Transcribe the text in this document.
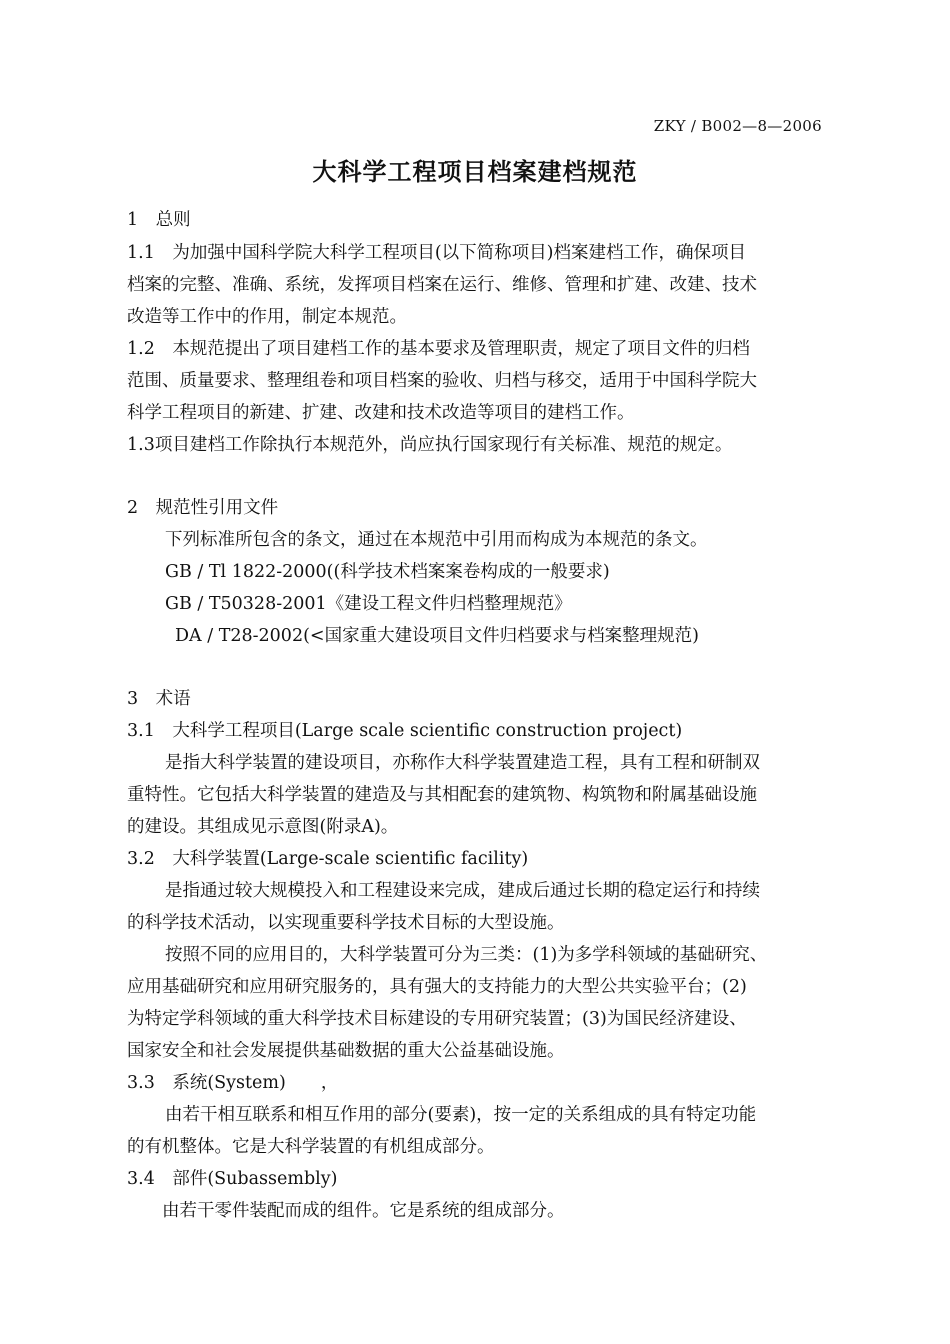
ZKY / B002—8—2006
大科学工程项目档案建档规范
1　总则
1.1　为加强中国科学院大科学工程项目(以下简称项目)档案建档工作，确保项目
档案的完整、准确、系统，发挥项目档案在运行、维修、管理和扩建、改建、技术
改造等工作中的作用，制定本规范。
1.2　本规范提出了项目建档工作的基本要求及管理职责，规定了项目文件的归档
范围、质量要求、整理组卷和项目档案的验收、归档与移交，适用于中国科学院大
科学工程项目的新建、扩建、改建和技术改造等项目的建档工作。
1.3项目建档工作除执行本规范外，尚应执行国家现行有关标准、规范的规定。
2　规范性引用文件
下列标准所包含的条文，通过在本规范中引用而构成为本规范的条文。
GB / Tl 1822-2000((科学技术档案案卷构成的一般要求)
GB / T50328-2001《建设工程文件归档整理规范》
DA / T28-2002(<国家重大建设项目文件归档要求与档案整理规范)
3　术语
3.1　大科学工程项目(Large scale scientific construction project)
是指大科学装置的建设项目，亦称作大科学装置建造工程，具有工程和研制双
重特性。它包括大科学装置的建造及与其相配套的建筑物、构筑物和附属基础设施
的建设。其组成见示意图(附录A)。
3.2　大科学装置(Large-scale scientific facility)
是指通过较大规模投入和工程建设来完成，建成后通过长期的稳定运行和持续
的科学技术活动，以实现重要科学技术目标的大型设施。
按照不同的应用目的，大科学装置可分为三类：(1)为多学科领域的基础研究、
应用基础研究和应用研究服务的，具有强大的支持能力的大型公共实验平台；(2)
为特定学科领域的重大科学技术目标建设的专用研究装置；(3)为国民经济建设、
国家安全和社会发展提供基础数据的重大公益基础设施。
3.3　系统(System)　　，
由若干相互联系和相互作用的部分(要素)，按一定的关系组成的具有特定功能
的有机整体。它是大科学装置的有机组成部分。
3.4　部件(Subassembly)
由若干零件装配而成的组件。它是系统的组成部分。
